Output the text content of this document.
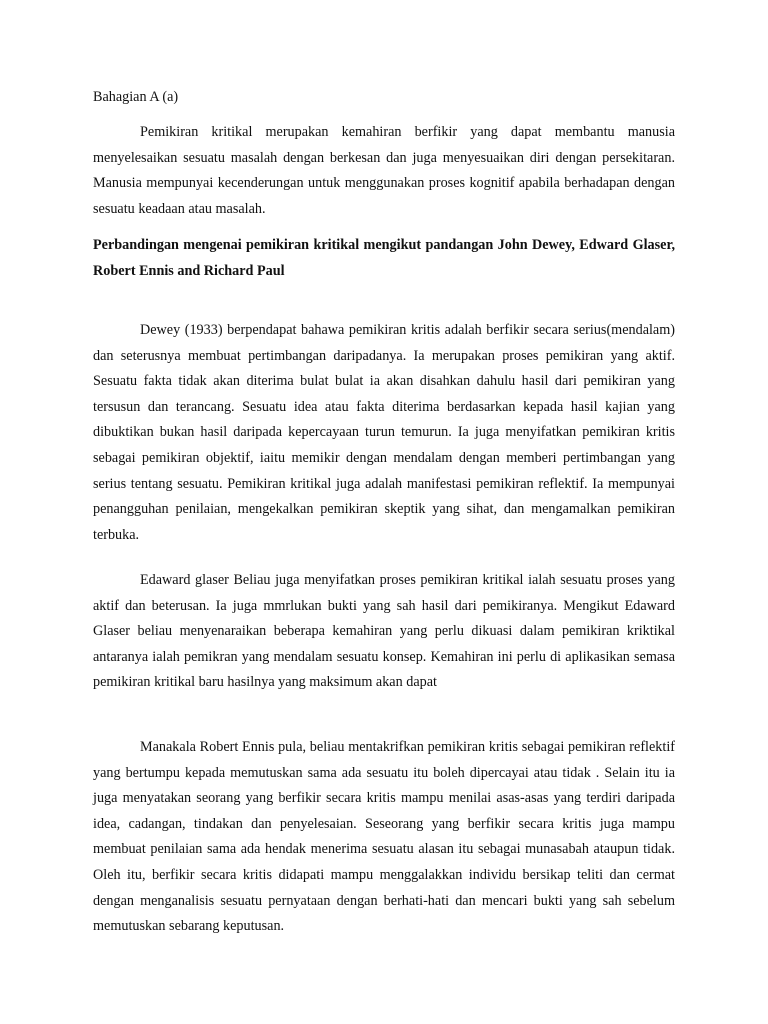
Bahagian A (a)

Pemikiran kritikal merupakan kemahiran berfikir yang dapat membantu manusia menyelesaikan sesuatu masalah dengan berkesan dan juga menyesuaikan diri dengan persekitaran. Manusia mempunyai kecenderungan untuk menggunakan proses kognitif apabila berhadapan dengan sesuatu keadaan atau masalah.

Perbandingan mengenai pemikiran kritikal mengikut pandangan John Dewey, Edward Glaser, Robert Ennis and Richard Paul

Dewey (1933) berpendapat bahawa pemikiran kritis adalah berfikir secara serius(mendalam) dan seterusnya membuat pertimbangan daripadanya. Ia merupakan proses pemikiran yang aktif. Sesuatu fakta tidak akan diterima bulat bulat ia akan disahkan dahulu hasil dari pemikiran yang tersusun dan terancang. Sesuatu idea atau fakta diterima berdasarkan kepada hasil kajian yang dibuktikan bukan hasil daripada kepercayaan turun temurun. Ia juga menyifatkan pemikiran kritis sebagai pemikiran objektif, iaitu memikir dengan mendalam dengan memberi pertimbangan yang serius tentang sesuatu. Pemikiran kritikal juga adalah manifestasi pemikiran reflektif. Ia mempunyai penangguhan penilaian, mengekalkan pemikiran skeptik yang sihat, dan mengamalkan pemikiran terbuka.

Edaward glaser Beliau juga menyifatkan proses pemikiran kritikal ialah sesuatu proses yang aktif dan beterusan. Ia juga mmrlukan bukti yang sah hasil dari pemikiranya. Mengikut Edaward Glaser beliau menyenaraikan beberapa kemahiran yang perlu dikuasi dalam pemikiran kriktikal antaranya ialah pemikran yang mendalam sesuatu konsep. Kemahiran ini perlu di aplikasikan semasa pemikiran kritikal baru hasilnya yang maksimum akan dapat

Manakala Robert Ennis pula, beliau mentakrifkan pemikiran kritis sebagai pemikiran reflektif yang bertumpu kepada memutuskan sama ada sesuatu itu boleh dipercayai atau tidak . Selain itu ia juga menyatakan seorang yang berfikir secara kritis mampu menilai asas-asas yang terdiri daripada idea, cadangan, tindakan dan penyelesaian. Seseorang yang berfikir secara kritis juga mampu membuat penilaian sama ada hendak menerima sesuatu alasan itu sebagai munasabah ataupun tidak. Oleh itu, berfikir secara kritis didapati mampu menggalakkan individu bersikap teliti dan cermat dengan menganalisis sesuatu pernyataan dengan berhati-hati dan mencari bukti yang sah sebelum memutuskan sebarang keputusan.
